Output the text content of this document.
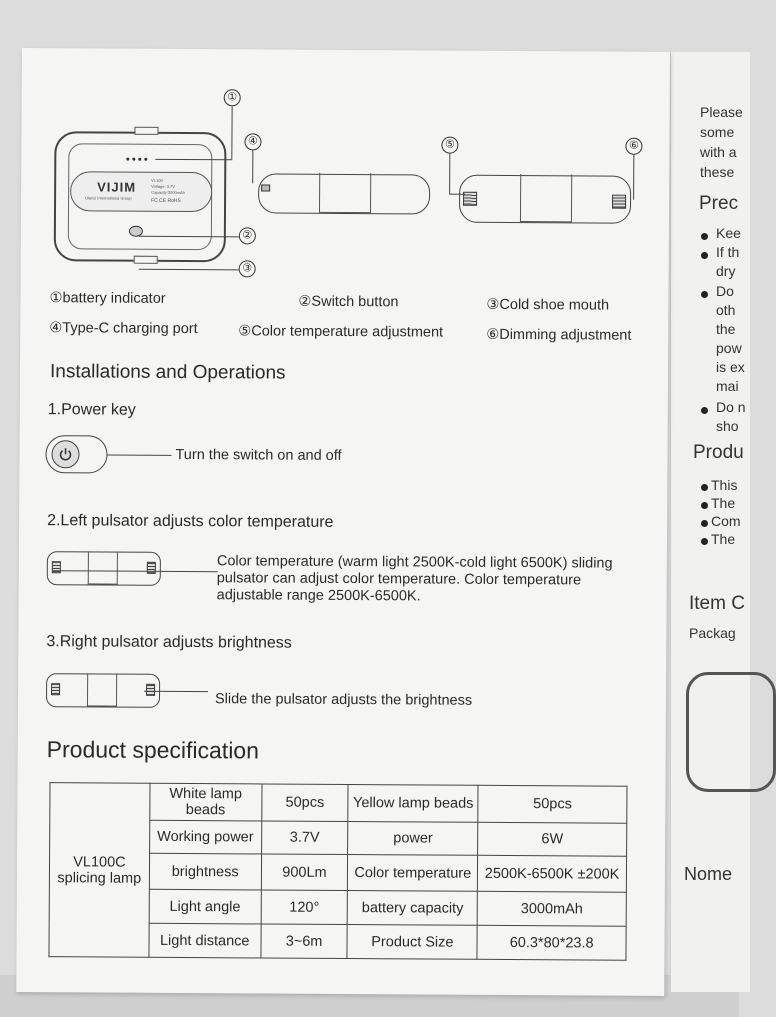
Please
some
with a
these
Prec
Kee
If th
dry
Do
oth
the
pow
is ex
mai
Do n
sho
Produ
This
The
Com
The
Item C
Packag
Nome
VIJIM
Ulanzi International Group
VL100
Voltage: 3.7V
Capacity:3000mAh
FC CE RoHS
①
②
③
④	⑤	⑥
①battery indicator	②Switch button	③Cold shoe mouth
④Type-C charging port	⑤Color temperature adjustment	⑥Dimming adjustment
Installations and Operations
1.Power key
Turn the switch on and off
2.Left pulsator adjusts color temperature
Color temperature (warm light 2500K-cold light 6500K) sliding pulsator can adjust color temperature. Color temperature adjustable range 2500K-6500K.
3.Right pulsator adjusts brightness
Slide the pulsator adjusts the brightness
Product specification
VL100C splicing lamp	White lamp beads	50pcs	Yellow lamp beads	50pcs
	Working power	3.7V	power	6W
	brightness	900Lm	Color temperature	2500K-6500K ±200K
	Light angle	120°	battery capacity	3000mAh
	Light distance	3~6m	Product Size	60.3*80*23.8
